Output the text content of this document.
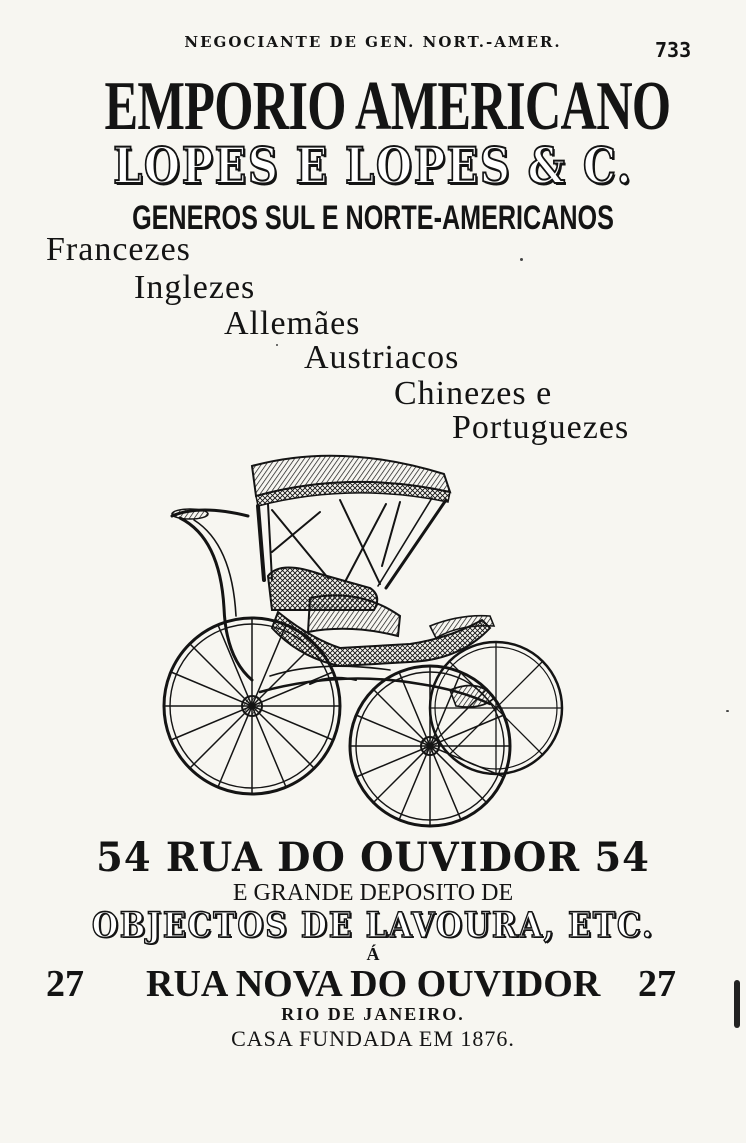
NEGOCIANTE DE GEN. NORT.-AMER.	733
EMPORIO AMERICANO
LOPES E LOPES & C.
GENEROS SUL E NORTE-AMERICANOS
Francezes
Inglezes
Allemães
Austriacos
Chinezes e
Portuguezes
54 RUA DO OUVIDOR 54
E GRANDE DEPOSITO DE
OBJECTOS DE LAVOURA, ETC.
Á
27 RUA NOVA DO OUVIDOR 27
RIO DE JANEIRO.
CASA FUNDADA EM 1876.
